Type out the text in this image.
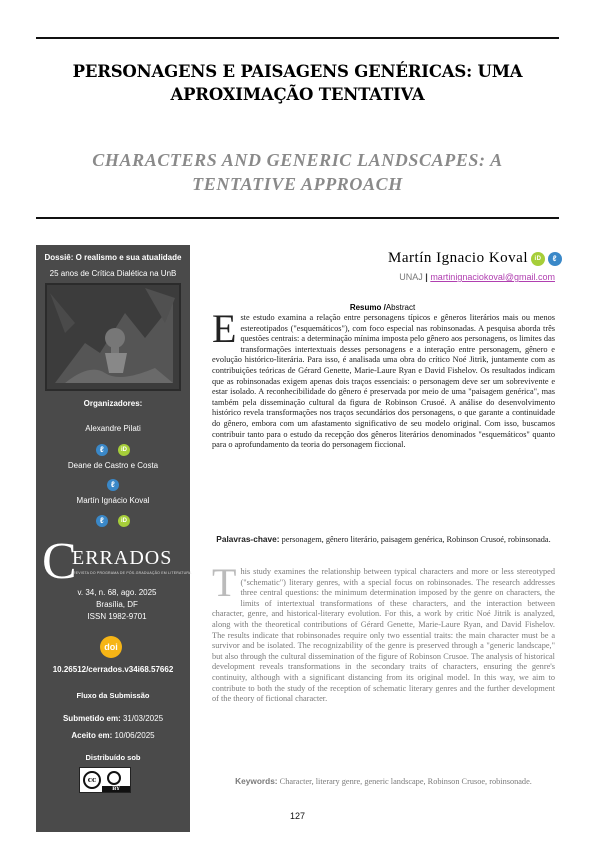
PERSONAGENS E PAISAGENS GENÉRICAS: UMA APROXIMAÇÃO TENTATIVA
CHARACTERS AND GENERIC LANDSCAPES: A TENTATIVE APPROACH
Dossiê: O realismo e sua atualidade
25 anos de Crítica Dialética na UnB
Organizadores:
Alexandre Pilati
ℓ	iD
Deane de Castro e Costa
ℓ
Martín Ignácio Koval
ℓ	iD
C
ERRADOS
REVISTA DO PROGRAMA DE PÓS-GRADUAÇÃO EM LITERATURA
v. 34, n. 68, ago. 2025
Brasília, DF
ISSN 1982-9701
doi
10.26512/cerrados.v34i68.57662
Fluxo da Submissão
Submetido em: 31/03/2025
Aceito em: 10/06/2025
Distribuído sob
cc
BY
Martín Ignacio Koval iD ℓ
UNAJ | martinignaciokoval@gmail.com
Resumo /Abstract
Este estudo examina a relação entre personagens típicos e gêneros literários mais ou menos estereotipados ("esquemáticos"), com foco especial nas robinsonadas. A pesquisa aborda três questões centrais: a determinação mínima imposta pelo gênero aos personagens, os limites das transformações intertextuais desses personagens e a interação entre personagem, gênero e evolução histórico-literária. Para isso, é analisada uma obra do crítico Noé Jitrik, juntamente com as contribuições teóricas de Gérard Genette, Marie-Laure Ryan e David Fishelov. Os resultados indicam que as robinsonadas exigem apenas dois traços essenciais: o personagem deve ser um sobrevivente e estar isolado. A reconhecibilidade do gênero é preservada por meio de uma "paisagem genérica", mas também pela disseminação cultural da figura de Robinson Crusoé. A análise do desenvolvimento histórico revela transformações nos traços secundários dos personagens, o que garante a continuidade do gênero, embora com um afastamento significativo de seu modelo original. Com isso, buscamos contribuir tanto para o estudo da recepção dos gêneros literários denominados "esquemáticos" quanto para o aprofundamento da teoria do personagem ficcional.
Palavras-chave: personagem, gênero literário, paisagem genérica, Robinson Crusoé, robinsonada.
This study examines the relationship between typical characters and more or less stereotyped ("schematic") literary genres, with a special focus on robinsonades. The research addresses three central questions: the minimum determination imposed by the genre on characters, the limits of intertextual transformations of these characters, and the interaction between character, genre, and historical-literary evolution. For this, a work by critic Noé Jitrik is analyzed, along with the theoretical contributions of Gérard Genette, Marie-Laure Ryan, and David Fishelov. The results indicate that robinsonades require only two essential traits: the main character must be a survivor and be isolated. The recognizability of the genre is preserved through a "generic landscape," but also through the cultural dissemination of the figure of Robinson Crusoe. The analysis of historical development reveals transformations in the secondary traits of characters, ensuring the genre's continuity, although with a significant distancing from its original model. In this way, we aim to contribute to both the study of the reception of schematic literary genres and the further development of the theory of fictional character.
Keywords: Character, literary genre, generic landscape, Robinson Crusoe, robinsonade.
127
